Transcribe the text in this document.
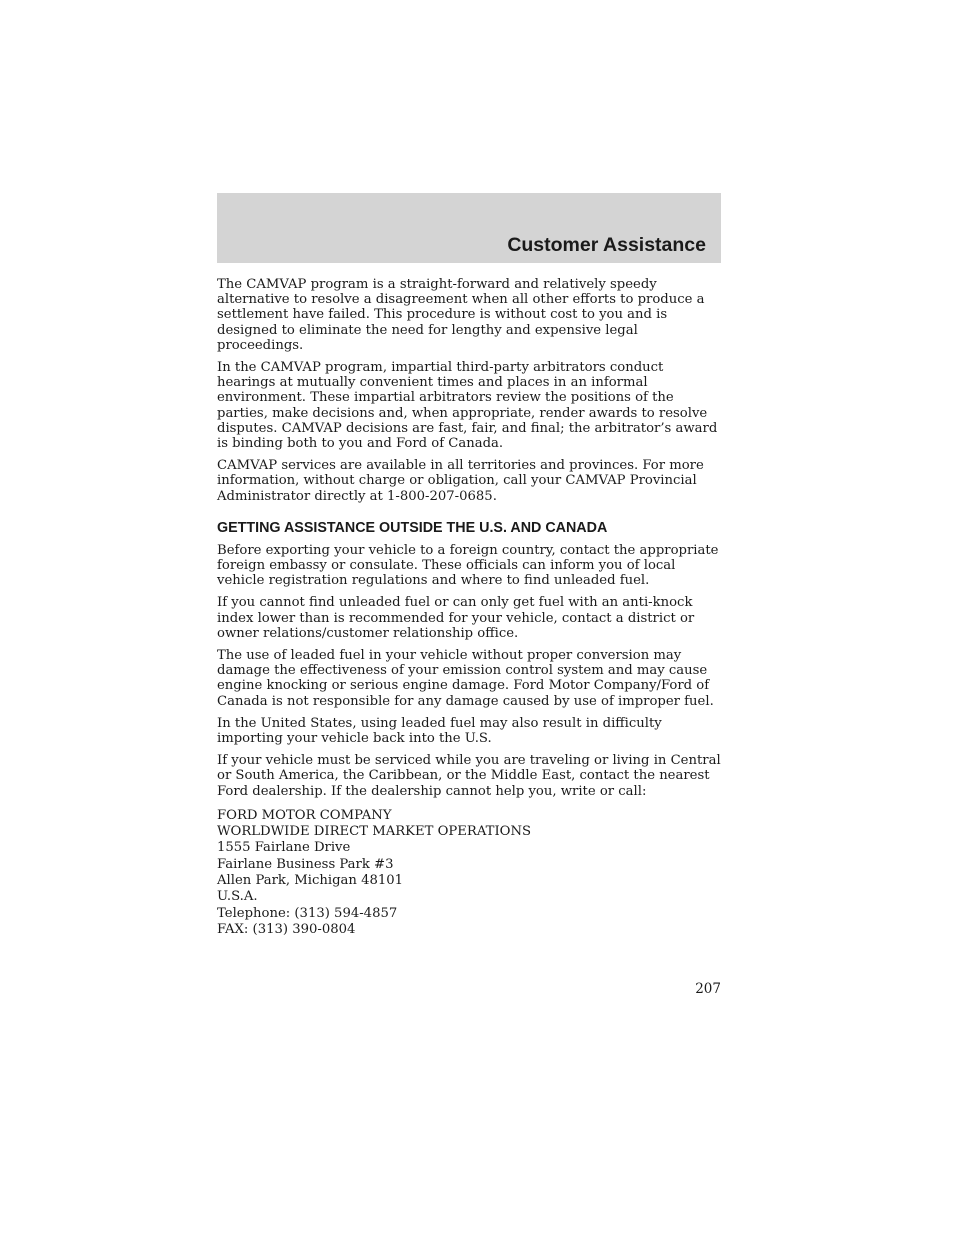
Customer Assistance

The CAMVAP program is a straight-forward and relatively speedy alternative to resolve a disagreement when all other efforts to produce a settlement have failed. This procedure is without cost to you and is designed to eliminate the need for lengthy and expensive legal proceedings.

In the CAMVAP program, impartial third-party arbitrators conduct hearings at mutually convenient times and places in an informal environment. These impartial arbitrators review the positions of the parties, make decisions and, when appropriate, render awards to resolve disputes. CAMVAP decisions are fast, fair, and final; the arbitrator’s award is binding both to you and Ford of Canada.

CAMVAP services are available in all territories and provinces. For more information, without charge or obligation, call your CAMVAP Provincial Administrator directly at 1-800-207-0685.

GETTING ASSISTANCE OUTSIDE THE U.S. AND CANADA

Before exporting your vehicle to a foreign country, contact the appropriate foreign embassy or consulate. These officials can inform you of local vehicle registration regulations and where to find unleaded fuel.

If you cannot find unleaded fuel or can only get fuel with an anti-knock index lower than is recommended for your vehicle, contact a district or owner relations/customer relationship office.

The use of leaded fuel in your vehicle without proper conversion may damage the effectiveness of your emission control system and may cause engine knocking or serious engine damage. Ford Motor Company/Ford of Canada is not responsible for any damage caused by use of improper fuel.

In the United States, using leaded fuel may also result in difficulty importing your vehicle back into the U.S.

If your vehicle must be serviced while you are traveling or living in Central or South America, the Caribbean, or the Middle East, contact the nearest Ford dealership. If the dealership cannot help you, write or call:

FORD MOTOR COMPANY
WORLDWIDE DIRECT MARKET OPERATIONS
1555 Fairlane Drive
Fairlane Business Park #3
Allen Park, Michigan 48101
U.S.A.
Telephone: (313) 594-4857
FAX: (313) 390-0804
207
